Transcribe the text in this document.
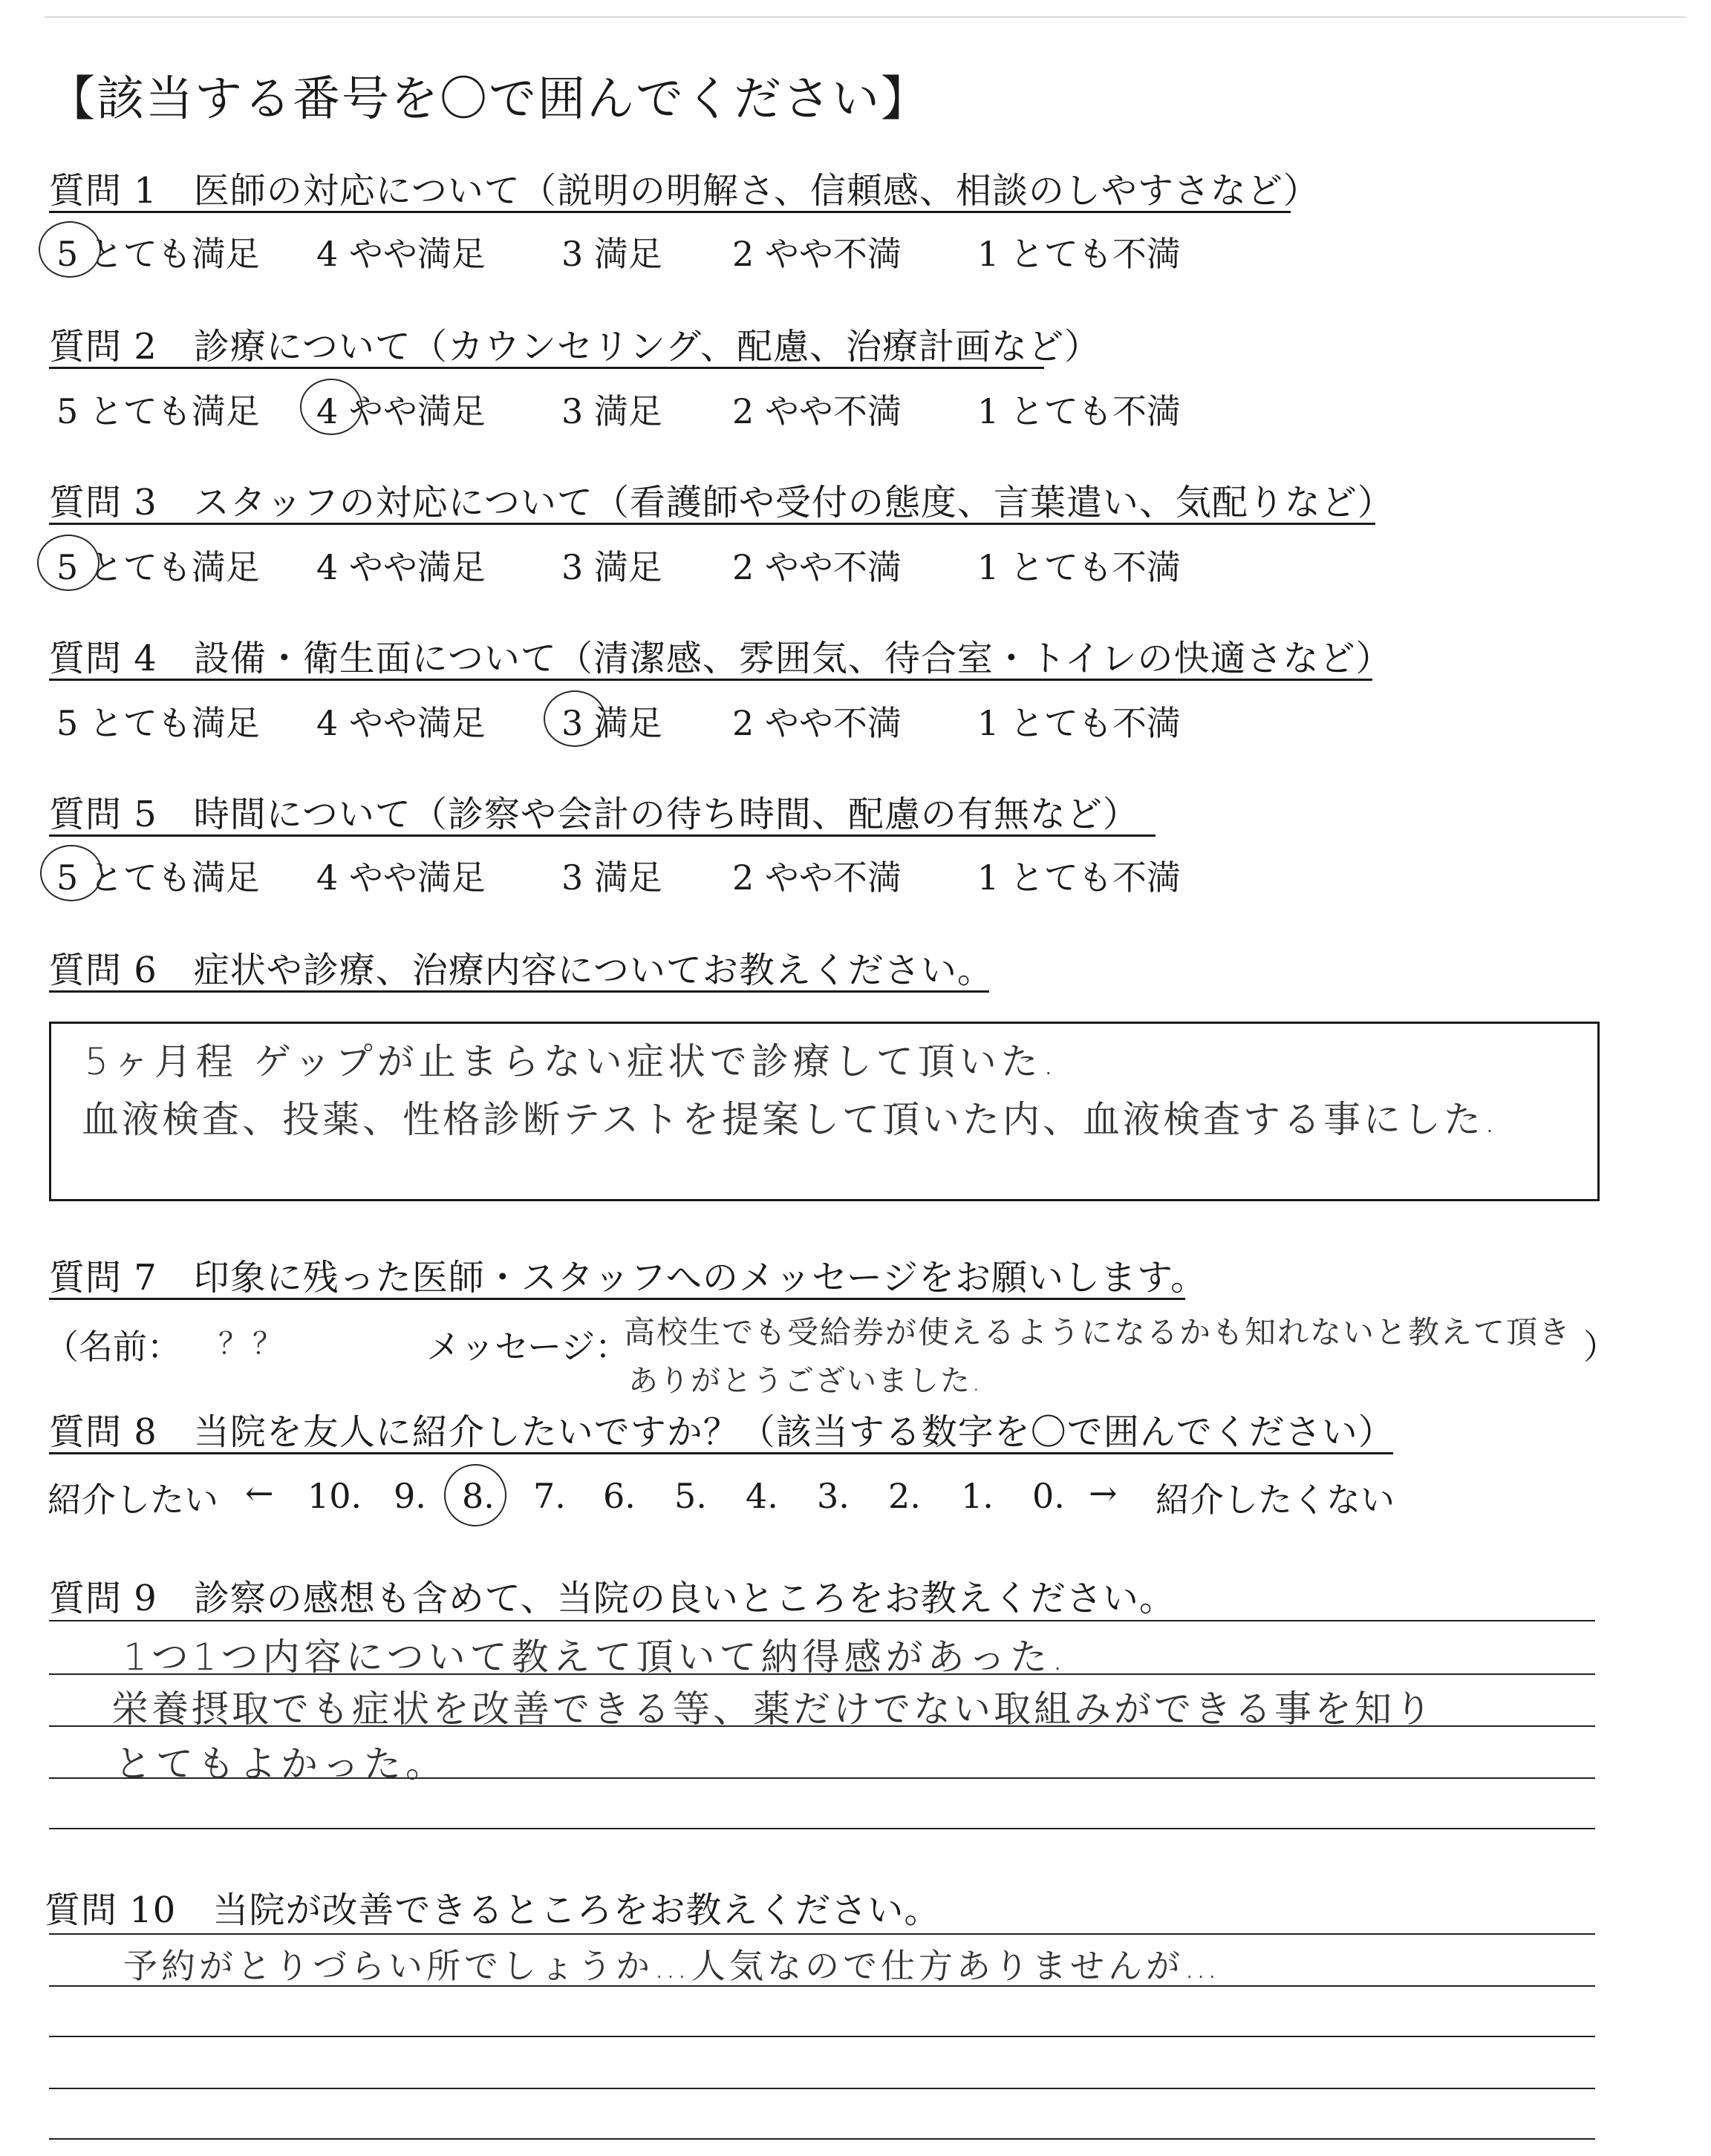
【該当する番号を〇で囲んでください】
質問 1　医師の対応について（説明の明解さ、信頼感、相談のしやすさなど）
5 とても満足 4 やや満足 3 満足 2 やや不満 1 とても不満
質問 2　診療について（カウンセリング、配慮、治療計画など）
5 とても満足 4 やや満足 3 満足 2 やや不満 1 とても不満
質問 3　スタッフの対応について（看護師や受付の態度、言葉遣い、気配りなど）
5 とても満足 4 やや満足 3 満足 2 やや不満 1 とても不満
質問 4　設備・衛生面について（清潔感、雰囲気、待合室・トイレの快適さなど）
5 とても満足 4 やや満足 3 満足 2 やや不満 1 とても不満
質問 5　時間について（診察や会計の待ち時間、配慮の有無など）
5 とても満足 4 やや満足 3 満足 2 やや不満 1 とても不満
質問 6　症状や診療、治療内容についてお教えください。
5ヶ月程 ゲップが止まらない症状で診療して頂いた.
血液検査、投薬、性格診断テストを提案して頂いた内、血液検査する事にした.
質問 7　印象に残った医師・スタッフへのメッセージをお願いします。
（名前： ？？	メッセージ：
高校生でも受給券が使えるようになるかも知れないと教えて頂き
ありがとうございました.
）
質問 8　当院を友人に紹介したいですか？（該当する数字を〇で囲んでください）
紹介したい ← 10. 9. 8. 7. 6. 5. 4. 3. 2. 1. 0. → 紹介したくない
質問 9　診察の感想も含めて、当院の良いところをお教えください。
1つ1つ内容について教えて頂いて納得感があった.
栄養摂取でも症状を改善できる等、薬だけでない取組みができる事を知り
とてもよかった。
質問 10　当院が改善できるところをお教えください。
予約がとりづらい所でしょうか…人気なので仕方ありませんが…
